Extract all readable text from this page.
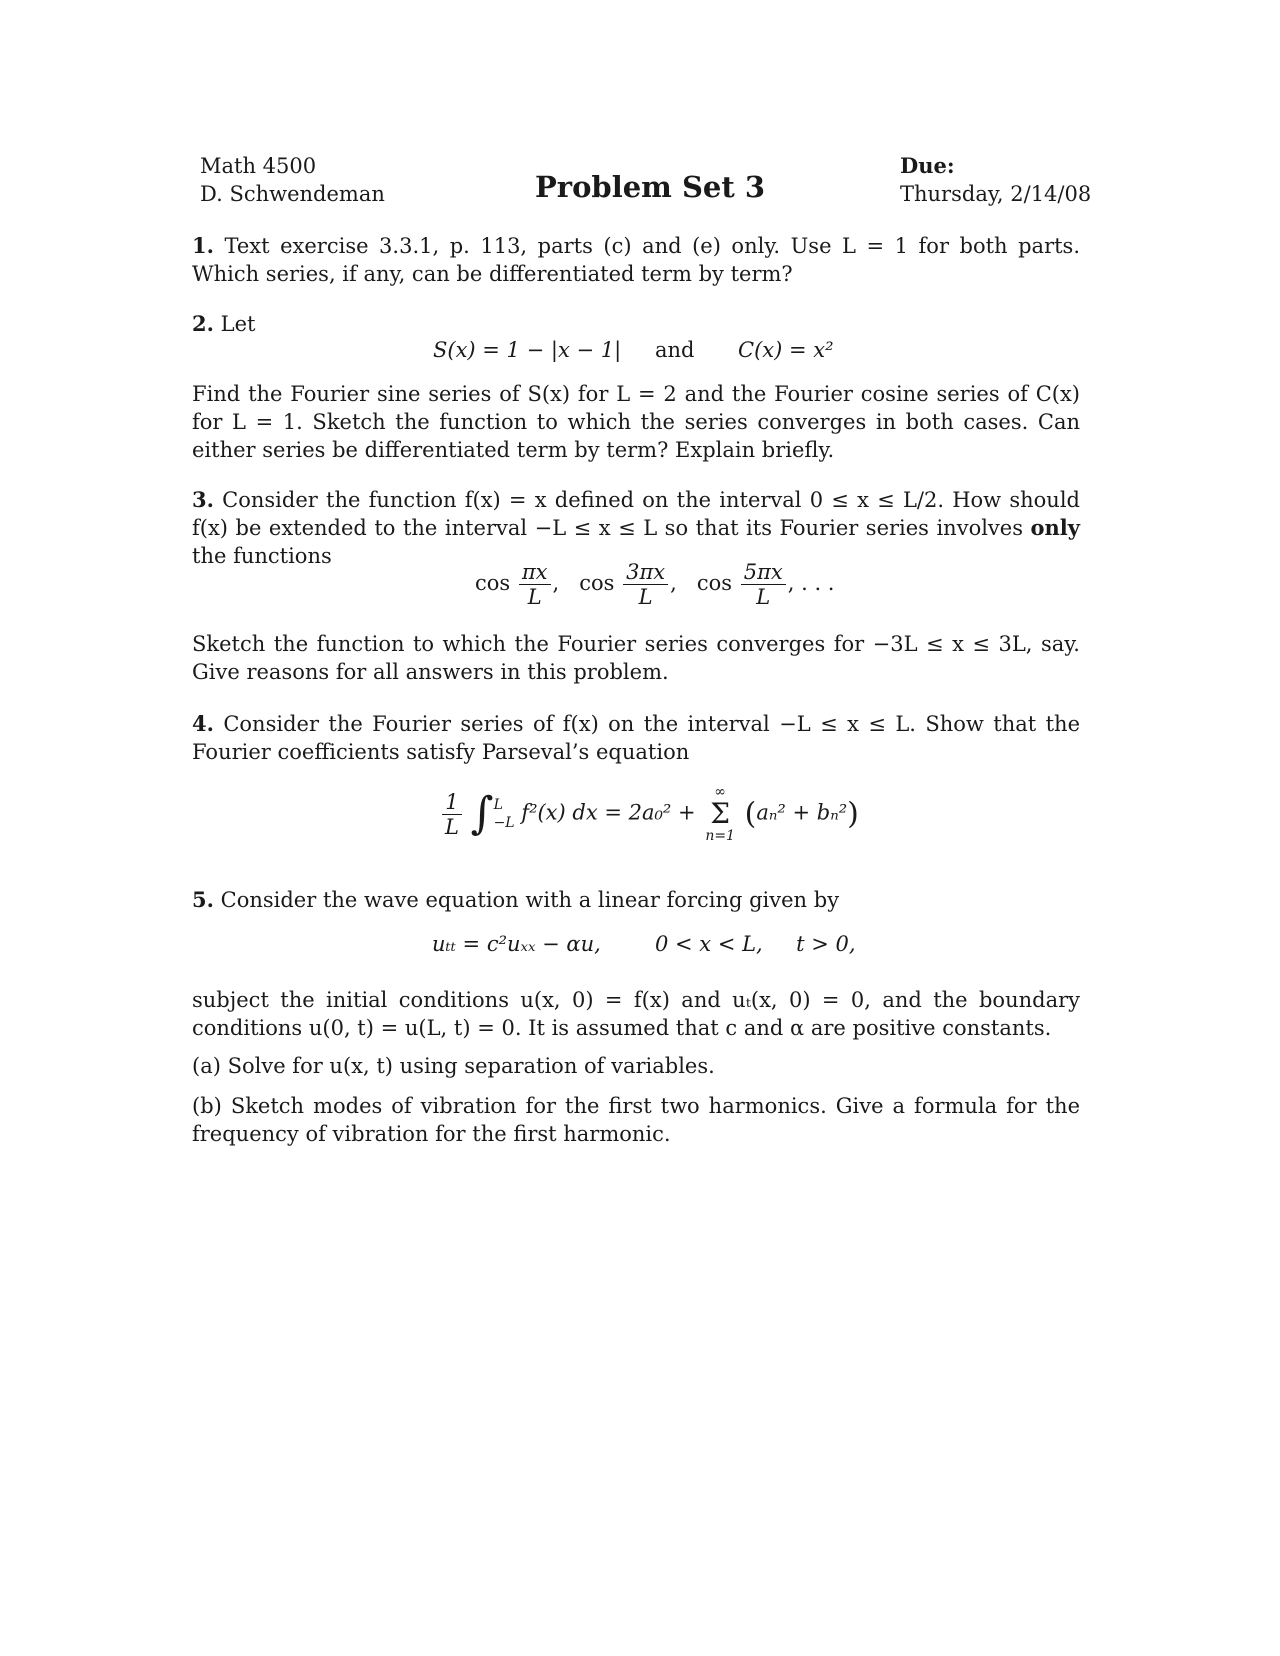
Math 4500
D. Schwendeman	Problem Set 3
Due:
Thursday, 2/14/08
1. Text exercise 3.3.1, p. 113, parts (c) and (e) only. Use L = 1 for both parts. Which series, if any, can be differentiated term by term?
2. Let
S(x) = 1 − |x − 1| and C(x) = x²
Find the Fourier sine series of S(x) for L = 2 and the Fourier cosine series of C(x) for L = 1. Sketch the function to which the series converges in both cases. Can either series be differentiated term by term? Explain briefly.
3. Consider the function f(x) = x defined on the interval 0 ≤ x ≤ L/2. How should f(x) be extended to the interval −L ≤ x ≤ L so that its Fourier series involves only the functions
$\cos \frac{\pi x}{L}$ ,   $\cos \frac{3\pi x}{L}$ ,   $\cos \frac{5\pi x}{L}$ , . . .
Sketch the function to which the Fourier series converges for −3L ≤ x ≤ 3L, say. Give reasons for all answers in this problem.
4. Consider the Fourier series of f(x) on the interval −L ≤ x ≤ L. Show that the Fourier coefficients satisfy Parseval’s equation
$\frac{1}{L}$ ∫ L
−L f²(x) dx = 2a₀² +
∞
Σ
n=1
(aₙ² + bₙ²)
5. Consider the wave equation with a linear forcing given by
uₜₜ = c²uₓₓ − αu,	0 < x < L,     t > 0,
subject the initial conditions u(x, 0) = f(x) and uₜ(x, 0) = 0, and the boundary conditions u(0, t) = u(L, t) = 0. It is assumed that c and α are positive constants.
(a) Solve for u(x, t) using separation of variables.
(b) Sketch modes of vibration for the first two harmonics. Give a formula for the frequency of vibration for the first harmonic.
